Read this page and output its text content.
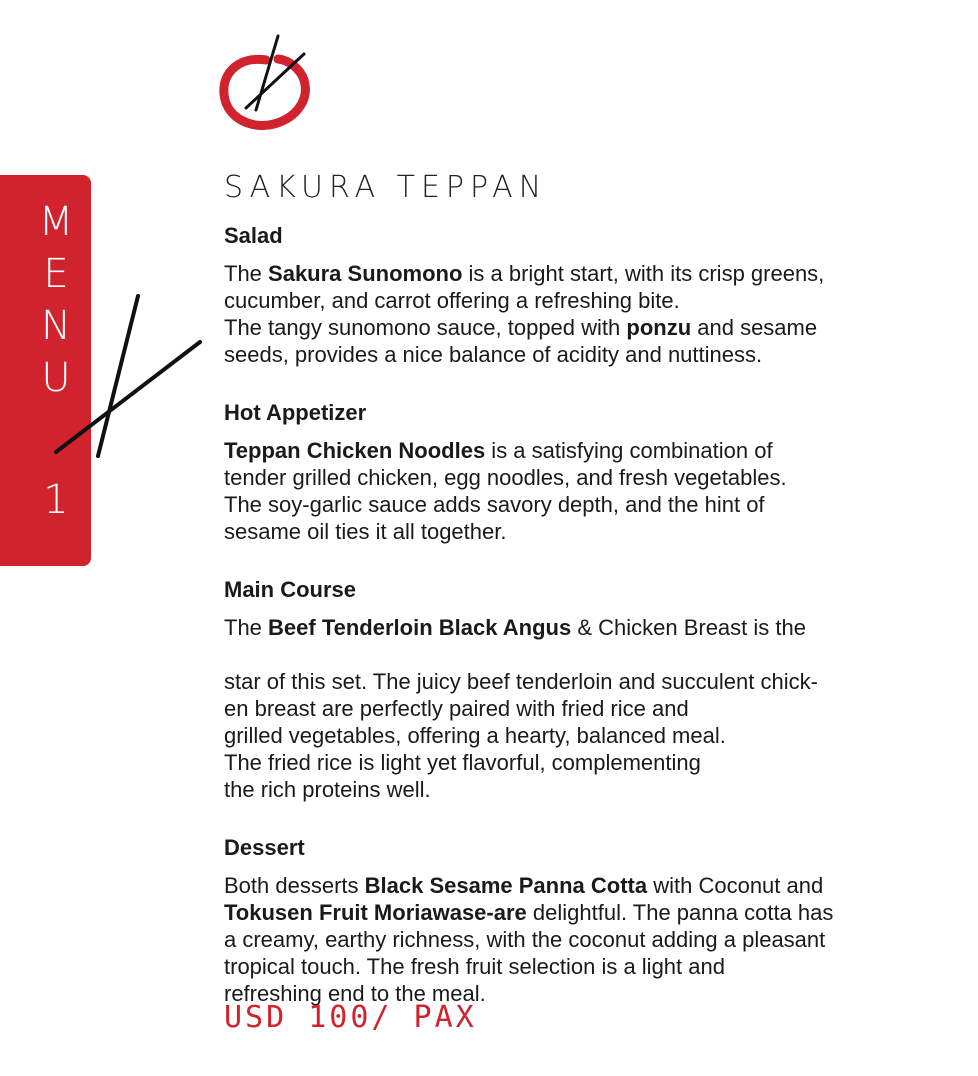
M
E
N
U
1
SAKURA TEPPAN
Salad

The Sakura Sunomono is a bright start, with its crisp greens,
cucumber, and carrot offering a refreshing bite.
The tangy sunomono sauce, topped with ponzu and sesame
seeds, provides a nice balance of acidity and nuttiness.

Hot Appetizer

Teppan Chicken Noodles is a satisfying combination of
tender grilled chicken, egg noodles, and fresh vegetables.
The soy-garlic sauce adds savory depth, and the hint of
sesame oil ties it all together.

Main Course

The Beef Tenderloin Black Angus & Chicken Breast is the

star of this set. The juicy beef tenderloin and succulent chick-
en breast are perfectly paired with fried rice and
grilled vegetables, offering a hearty, balanced meal.
The fried rice is light yet flavorful, complementing
the rich proteins well.

Dessert

Both desserts Black Sesame Panna Cotta with Coconut and
Tokusen Fruit Moriawase-are delightful. The panna cotta has
a creamy, earthy richness, with the coconut adding a pleasant
tropical touch. The fresh fruit selection is a light and
refreshing end to the meal.

USD 100/ PAX
